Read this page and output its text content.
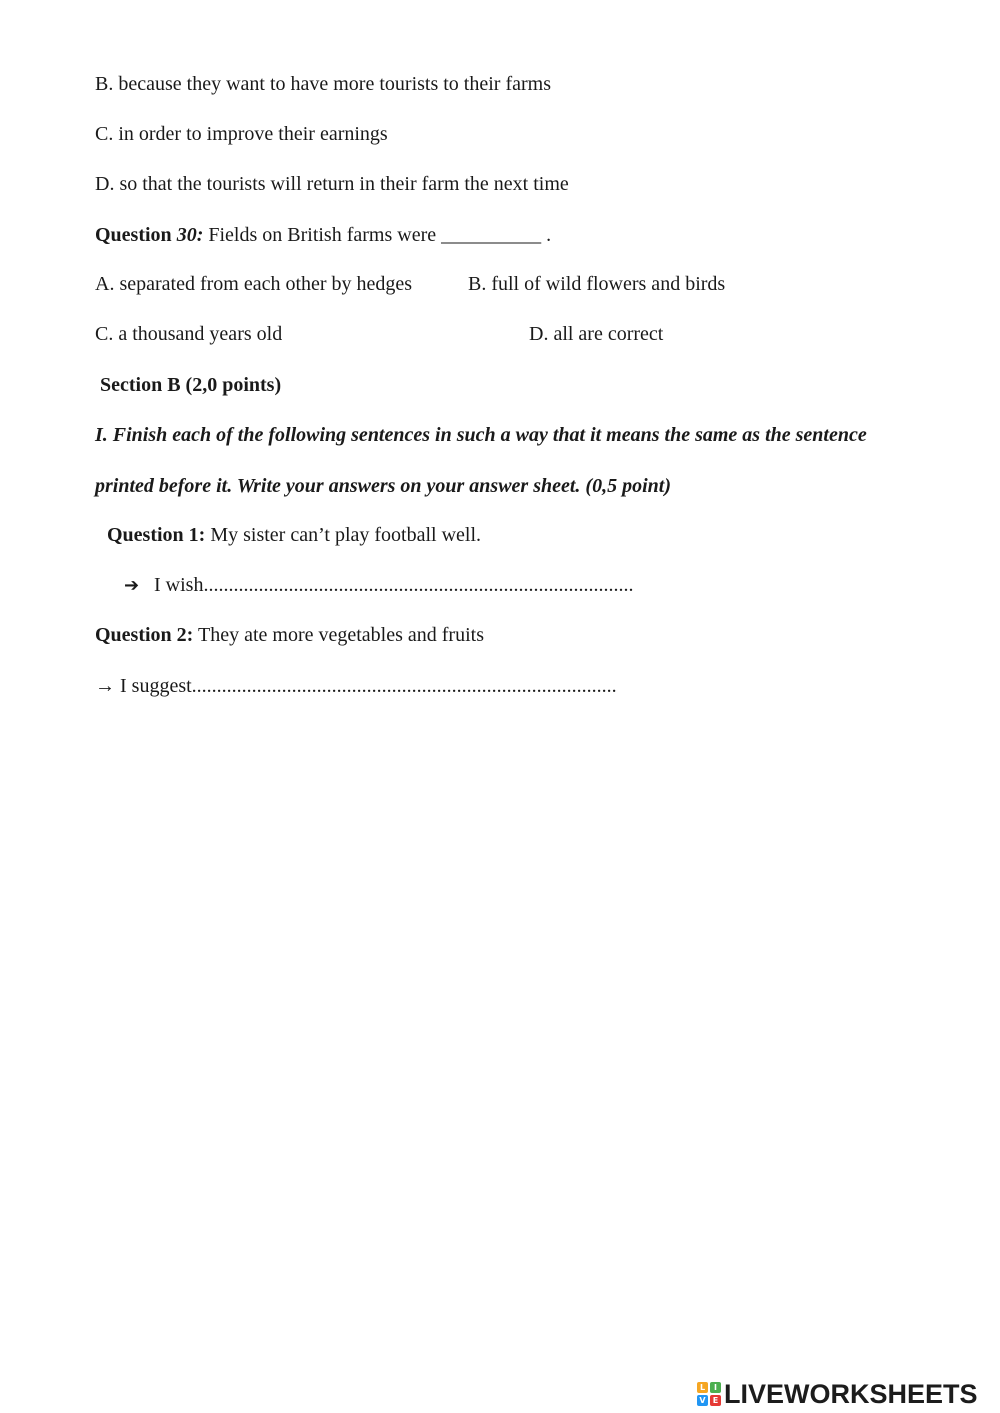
B. because they want to have more tourists to their farms
C. in order to improve their earnings
D. so that the tourists will return in their farm the next time
Question 30: Fields on British farms were __________ .
A. separated from each other by hedges	B. full of wild flowers and birds
C. a thousand years old	D. all are correct
Section B (2,0 points)
I. Finish each of the following sentences in such a way that it means the same as the sentence
printed before it. Write your answers on your answer sheet. (0,5 point)
Question 1: My sister can’t play football well.
➔ I wish......................................................................................
Question 2: They ate more vegetables and fruits
→ I suggest.....................................................................................
L	I
V E LIVEWORKSHEETS
